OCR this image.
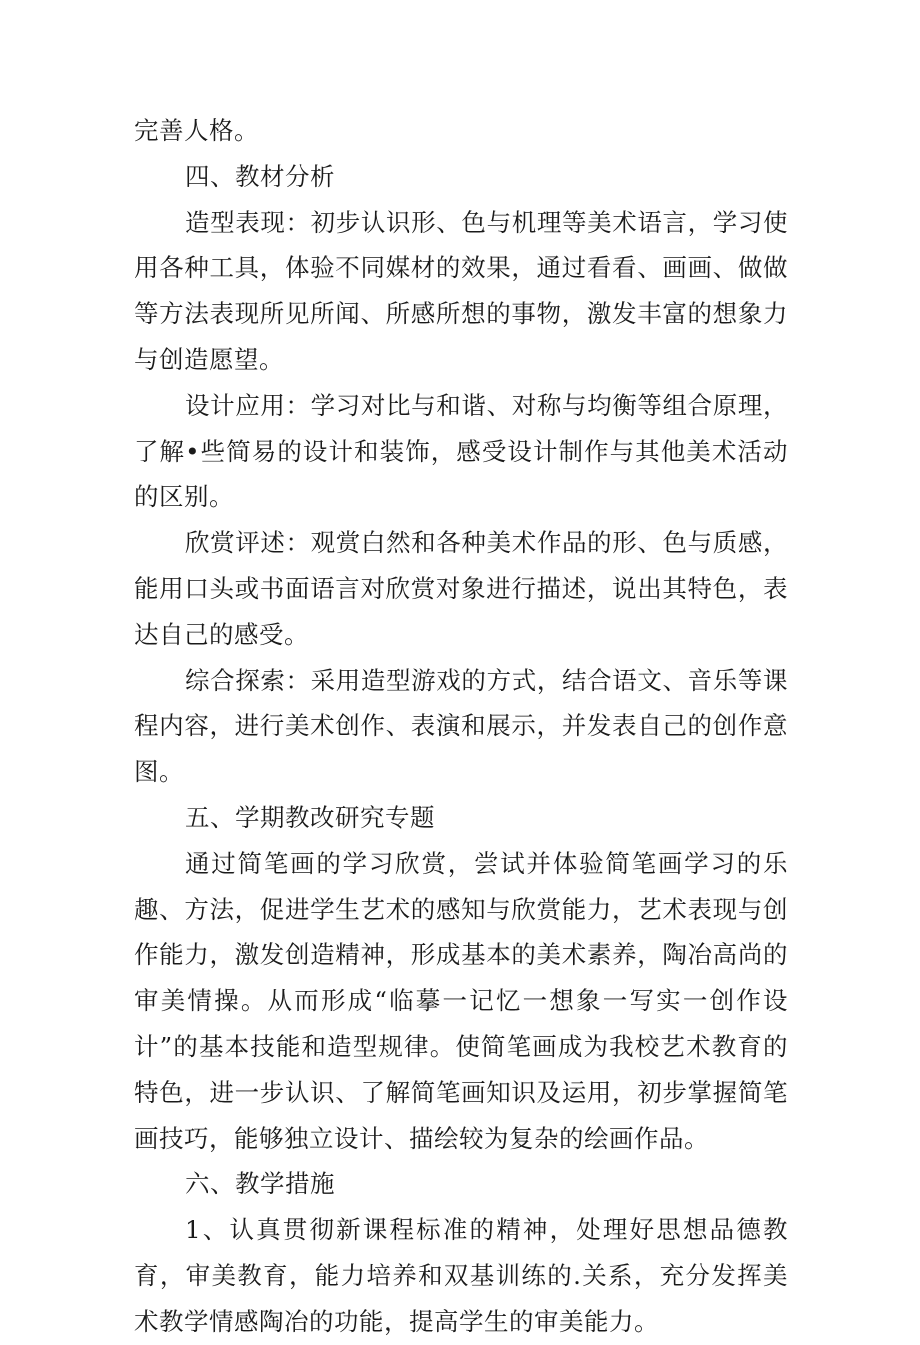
完善人格。

四、教材分析

造型表现：初步认识形、色与机理等美术语言，学习使用各种工具，体验不同媒材的效果，通过看看、画画、做做等方法表现所见所闻、所感所想的事物，激发丰富的想象力与创造愿望。

设计应用：学习对比与和谐、对称与均衡等组合原理，了解•些简易的设计和装饰，感受设计制作与其他美术活动的区别。

欣赏评述：观赏白然和各种美术作品的形、色与质感，能用口头或书面语言对欣赏对象进行描述，说出其特色，表达自己的感受。

综合探索：采用造型游戏的方式，结合语文、音乐等课程内容，进行美术创作、表演和展示，并发表自己的创作意图。

五、学期教改研究专题

通过简笔画的学习欣赏，尝试并体验简笔画学习的乐趣、方法，促进学生艺术的感知与欣赏能力，艺术表现与创作能力，激发创造精神，形成基本的美术素养，陶冶高尚的审美情操。从而形成“临摹一记忆一想象一写实一创作设计”的基本技能和造型规律。使简笔画成为我校艺术教育的特色，进一步认识、了解简笔画知识及运用，初步掌握简笔画技巧，能够独立设计、描绘较为复杂的绘画作品。

六、教学措施

1、认真贯彻新课程标准的精神，处理好思想品德教育，审美教育，能力培养和双基训练的.关系，充分发挥美术教学情感陶冶的功能，提高学生的审美能力。
